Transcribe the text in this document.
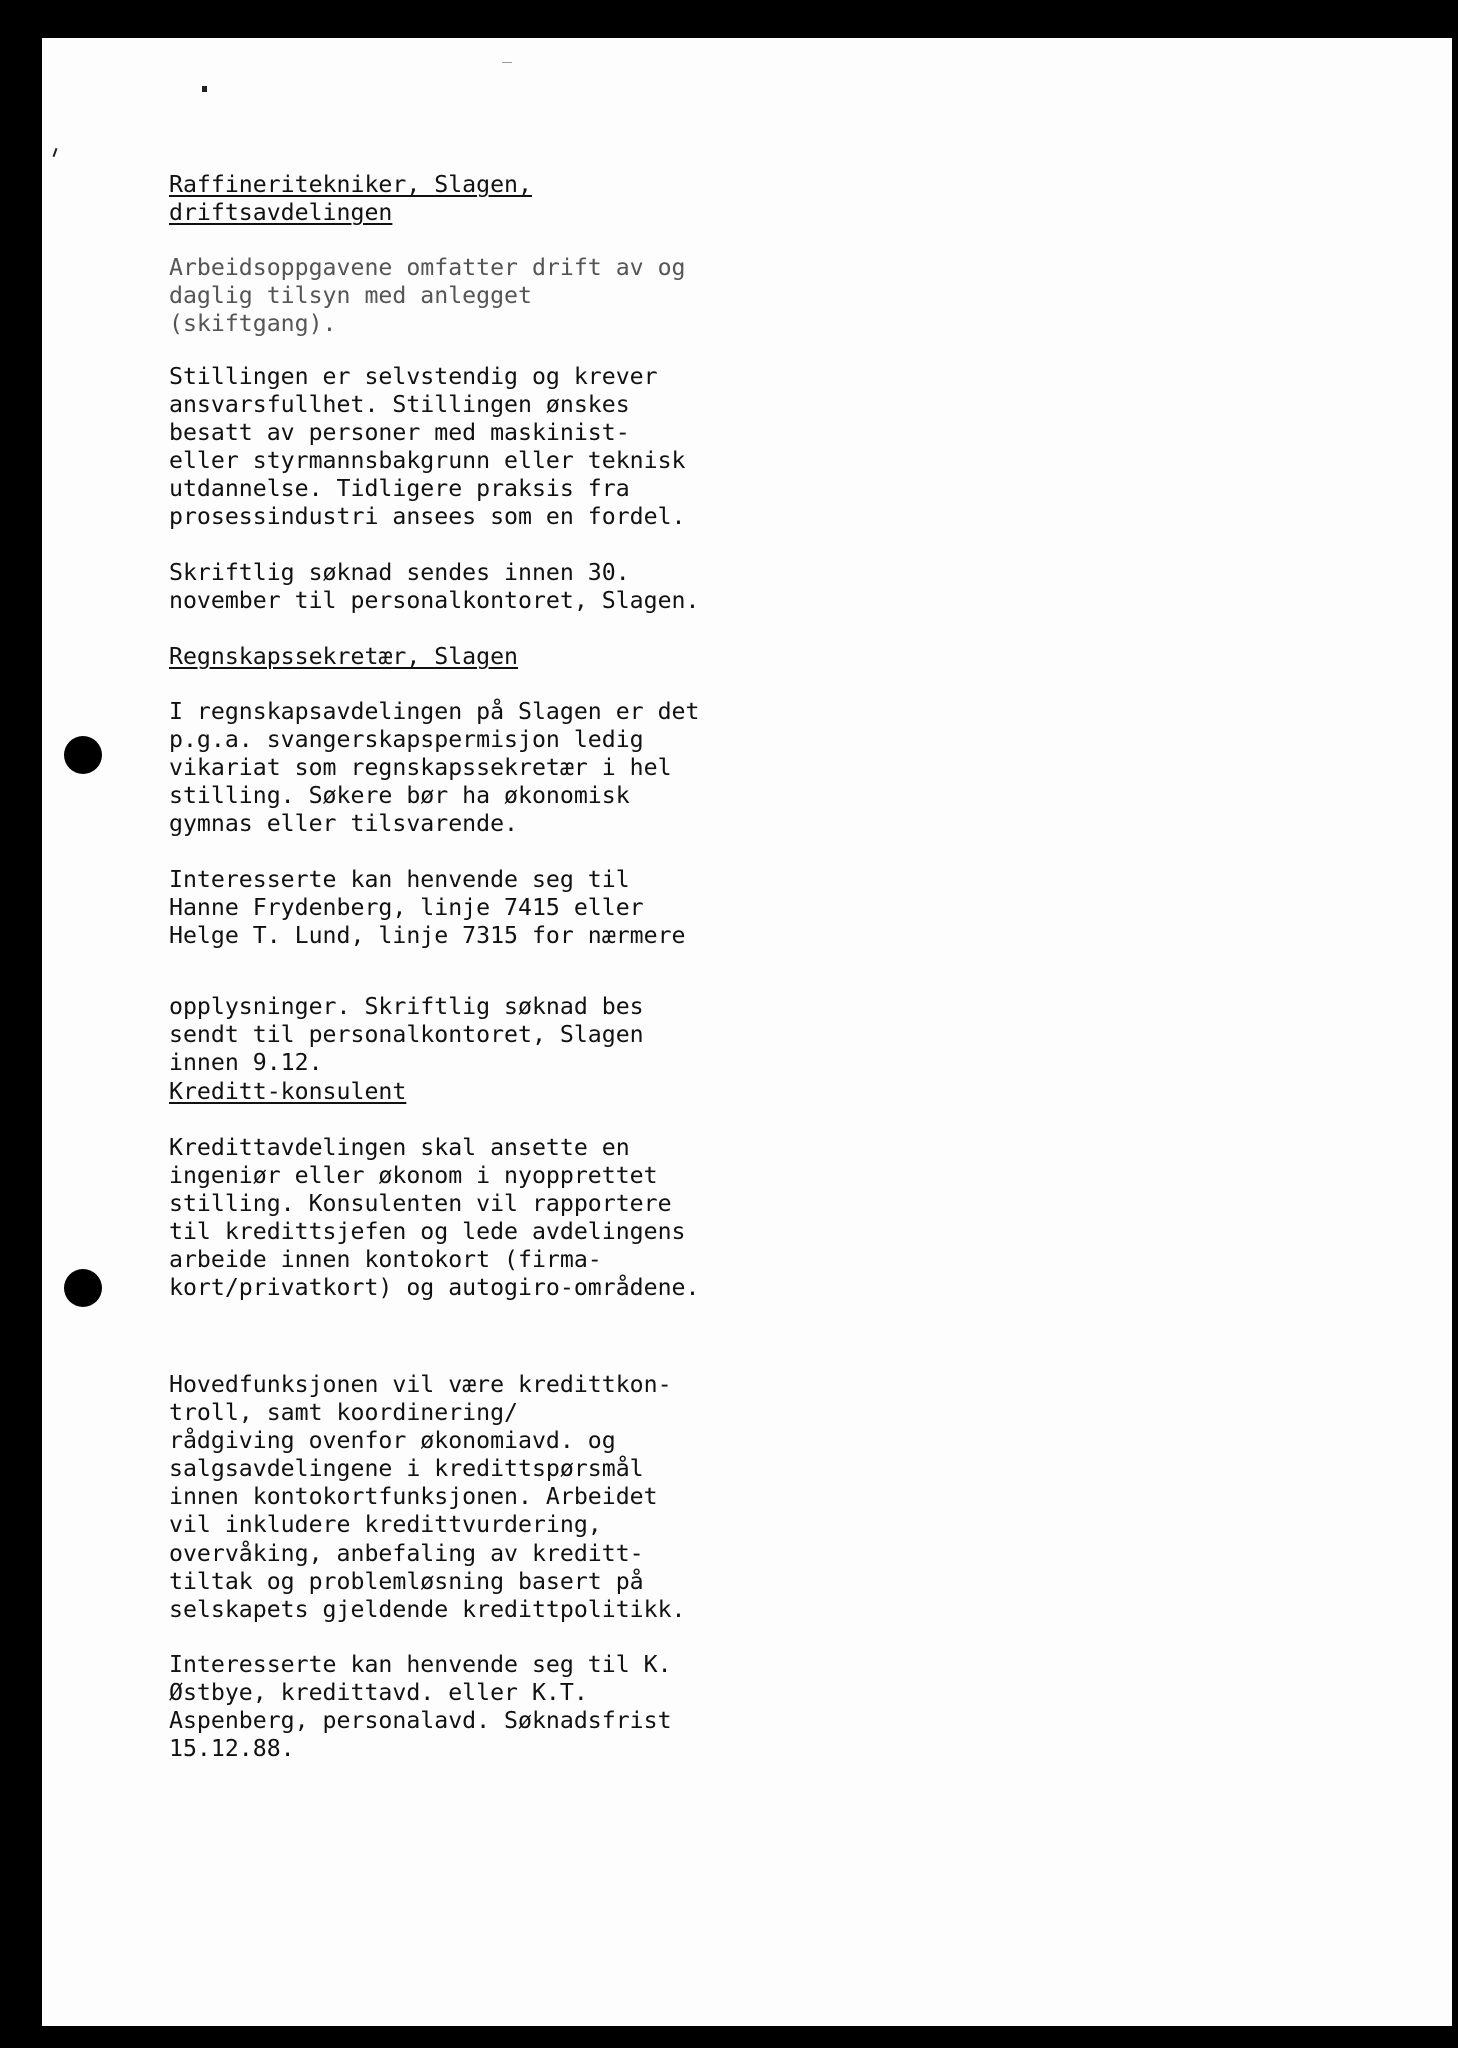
Raffineritekniker, Slagen,
driftsavdelingen

Arbeidsoppgavene omfatter drift av og
daglig tilsyn med anlegget
(skiftgang).

Stillingen er selvstendig og krever
ansvarsfullhet. Stillingen ønskes
besatt av personer med maskinist-
eller styrmannsbakgrunn eller teknisk
utdannelse. Tidligere praksis fra
prosessindustri ansees som en fordel.

Skriftlig søknad sendes innen 30.
november til personalkontoret, Slagen.

Regnskapssekretær, Slagen

I regnskapsavdelingen på Slagen er det
p.g.a. svangerskapspermisjon ledig
vikariat som regnskapssekretær i hel
stilling. Søkere bør ha økonomisk
gymnas eller tilsvarende.

Interesserte kan henvende seg til
Hanne Frydenberg, linje 7415 eller
Helge T. Lund, linje 7315 for nærmere

opplysninger. Skriftlig søknad bes
sendt til personalkontoret, Slagen
innen 9.12.

Kreditt-konsulent

Kredittavdelingen skal ansette en
ingeniør eller økonom i nyopprettet
stilling. Konsulenten vil rapportere
til kredittsjefen og lede avdelingens
arbeide innen kontokort (firma-
kort/privatkort) og autogiro-områdene.

Hovedfunksjonen vil være kredittkon-
troll, samt koordinering/
rådgiving ovenfor økonomiavd. og
salgsavdelingene i kredittspørsmål
innen kontokortfunksjonen. Arbeidet
vil inkludere kredittvurdering,
overvåking, anbefaling av kreditt-
tiltak og problemløsning basert på
selskapets gjeldende kredittpolitikk.

Interesserte kan henvende seg til K.
Østbye, kredittavd. eller K.T.
Aspenberg, personalavd. Søknadsfrist
15.12.88.
